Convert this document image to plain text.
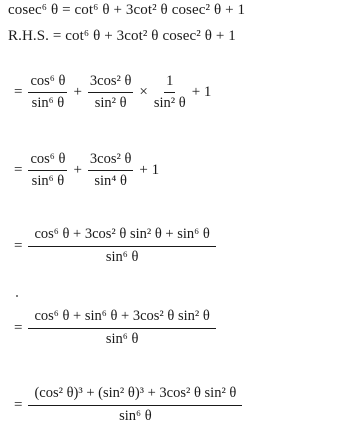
cosec⁶ θ = cot⁶ θ + 3cot² θ cosec² θ + 1
R.H.S. = cot⁶ θ + 3cot² θ cosec² θ + 1
= $\frac{\text{cos⁶ θ}}{\text{sin⁶ θ}} + \frac{\text{3cos² θ}}{\text{sin² θ}} \times \frac{1}{\text{sin² θ}} + 1$
= $\frac{\text{cos⁶ θ}}{\text{sin⁶ θ}} + \frac{\text{3cos² θ}}{\text{sin⁴ θ}} + 1$
= $\frac{\text{cos⁶ θ + 3cos² θ sin² θ + sin⁶ θ}}{\text{sin⁶ θ}}$
= $\frac{\text{cos⁶ θ + sin⁶ θ + 3cos² θ sin² θ}}{\text{sin⁶ θ}}$
= $\frac{\text{(cos² θ)³ + (sin² θ)³ + 3cos² θ sin² θ}}{\text{sin⁶ θ}}$
